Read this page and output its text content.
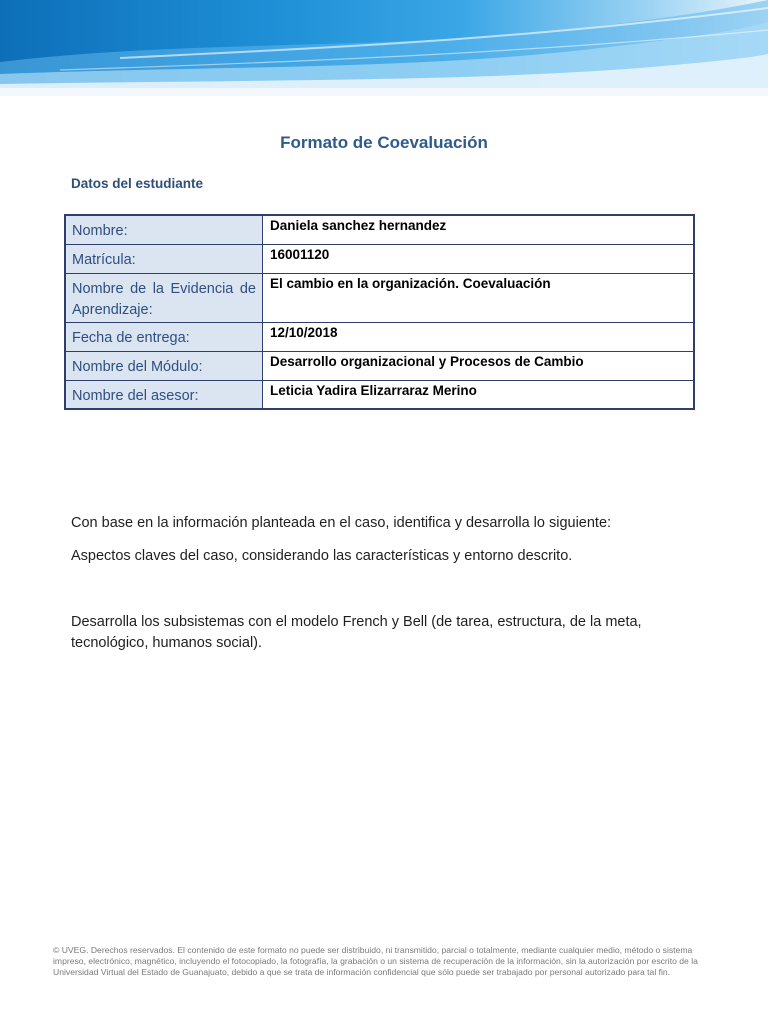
Formato de Coevaluación
Datos del estudiante
Nombre:	Daniela sanchez hernandez
Matrícula:	16001120
Nombre de la Evidencia de Aprendizaje:	El cambio en la organización. Coevaluación
Fecha de entrega:	12/10/2018
Nombre del Módulo:	Desarrollo organizacional y Procesos de Cambio
Nombre del asesor:	Leticia Yadira Elizarraraz Merino
Con base en la información planteada en el caso, identifica y desarrolla lo siguiente:
Aspectos claves del caso, considerando las características y entorno descrito.
Desarrolla los subsistemas con el modelo French y Bell (de tarea, estructura, de la meta, tecnológico, humanos social).
© UVEG. Derechos reservados. El contenido de este formato no puede ser distribuido, ni transmitido, parcial o totalmente, mediante cualquier medio, método o sistema impreso, electrónico, magnético, incluyendo el fotocopiado, la fotografía, la grabación o un sistema de recuperación de la información, sin la autorización por escrito de la Universidad Virtual del Estado de Guanajuato, debido a que se trata de información confidencial que sólo puede ser trabajado por personal autorizado para tal fin.
